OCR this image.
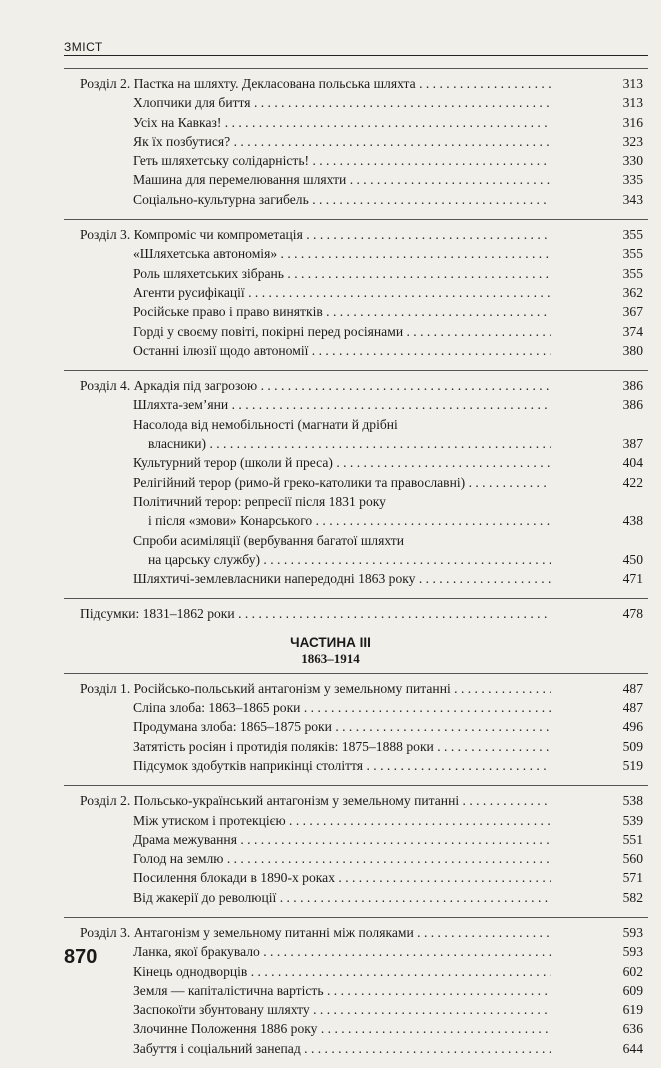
ЗМІСТ
Розділ 2. Пастка на шляхту. Декласована польська шляхта . . .	313
Хлопчики для биття . . .	313
Усіх на Кавказ! . . .	316
Як їх позбутися? . . .	323
Геть шляхетську солідарність! . . .	330
Машина для перемелювання шляхти . . .	335
Соціально-культурна загибель . . .	343
Розділ 3. Компроміс чи компрометація . . .	355
«Шляхетська автономія» . . .	355
Роль шляхетських зібрань . . .	355
Агенти русифікації . . .	362
Російське право і право винятків . . .	367
Горді у своєму повіті, покірні перед росіянами . . .	374
Останні ілюзії щодо автономії . . .	380
Розділ 4. Аркадія під загрозою . . .	386
Шляхта-зем’яни . . .	386
Насолода від немобільності (магнати й дрібні
власники) . . .	387
Культурний терор (школи й преса) . . .	404
Релігійний терор (римо-й греко-католики та православні) . . .	422
Політичний терор: репресії після 1831 року
і після «змови» Конарського . . .	438
Спроби асиміляції (вербування багатої шляхти
на царську службу) . . .	450
Шляхтичі-землевласники напередодні 1863 року . . .	471
Підсумки: 1831–1862 роки . . .	478
ЧАСТИНА III
1863–1914
Розділ 1. Російсько-польський антагонізм у земельному питанні . . .	487
Сліпа злоба: 1863–1865 роки . . .	487
Продумана злоба: 1865–1875 роки . . .	496
Затятість росіян і протидія поляків: 1875–1888 роки . . .	509
Підсумок здобутків наприкінці століття . . .	519
Розділ 2. Польсько-український антагонізм у земельному питанні . . .	538
Між утиском і протекцією . . .	539
Драма межування . . .	551
Голод на землю . . .	560
Посилення блокади в 1890-х роках . . .	571
Від жакерії до революції . . .	582
Розділ 3. Антагонізм у земельному питанні між поляками . . .	593
Ланка, якої бракувало . . .	593
Кінець однодворців . . .	602
Земля — капіталістична вартість . . .	609
Заспокоїти збунтовану шляхту . . .	619
Злочинне Положення 1886 року . . .	636
Забуття і соціальний занепад . . .	644
870
